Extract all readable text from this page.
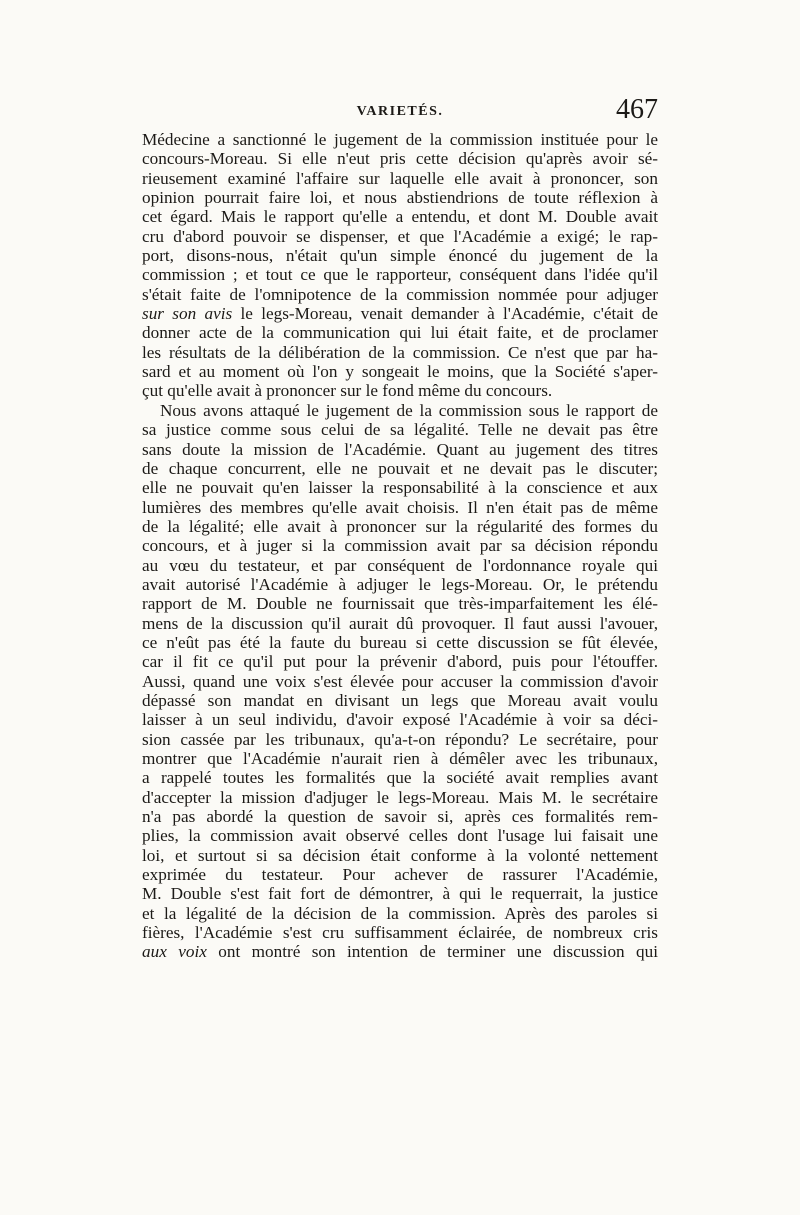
VARIETÉS.	467
Médecine a sanctionné le jugement de la commission instituée pour le
concours-Moreau. Si elle n'eut pris cette décision qu'après avoir sé-
rieusement examiné l'affaire sur laquelle elle avait à prononcer, son
opinion pourrait faire loi, et nous abstiendrions de toute réflexion à
cet égard. Mais le rapport qu'elle a entendu, et dont M. Double avait
cru d'abord pouvoir se dispenser, et que l'Académie a exigé; le rap-
port, disons-nous, n'était qu'un simple énoncé du jugement de la
commission ; et tout ce que le rapporteur, conséquent dans l'idée qu'il
s'était faite de l'omnipotence de la commission nommée pour adjuger
sur son avis le legs-Moreau, venait demander à l'Académie, c'était de
donner acte de la communication qui lui était faite, et de proclamer
les résultats de la délibération de la commission. Ce n'est que par ha-
sard et au moment où l'on y songeait le moins, que la Société s'aper-
çut qu'elle avait à prononcer sur le fond même du concours.
Nous avons attaqué le jugement de la commission sous le rapport de
sa justice comme sous celui de sa légalité. Telle ne devait pas être
sans doute la mission de l'Académie. Quant au jugement des titres
de chaque concurrent, elle ne pouvait et ne devait pas le discuter;
elle ne pouvait qu'en laisser la responsabilité à la conscience et aux
lumières des membres qu'elle avait choisis. Il n'en était pas de même
de la légalité; elle avait à prononcer sur la régularité des formes du
concours, et à juger si la commission avait par sa décision répondu
au vœu du testateur, et par conséquent de l'ordonnance royale qui
avait autorisé l'Académie à adjuger le legs-Moreau. Or, le prétendu
rapport de M. Double ne fournissait que très-imparfaitement les élé-
mens de la discussion qu'il aurait dû provoquer. Il faut aussi l'avouer,
ce n'eût pas été la faute du bureau si cette discussion se fût élevée,
car il fit ce qu'il put pour la prévenir d'abord, puis pour l'étouffer.
Aussi, quand une voix s'est élevée pour accuser la commission d'avoir
dépassé son mandat en divisant un legs que Moreau avait voulu
laisser à un seul individu, d'avoir exposé l'Académie à voir sa déci-
sion cassée par les tribunaux, qu'a-t-on répondu? Le secrétaire, pour
montrer que l'Académie n'aurait rien à démêler avec les tribunaux,
a rappelé toutes les formalités que la société avait remplies avant
d'accepter la mission d'adjuger le legs-Moreau. Mais M. le secrétaire
n'a pas abordé la question de savoir si, après ces formalités rem-
plies, la commission avait observé celles dont l'usage lui faisait une
loi, et surtout si sa décision était conforme à la volonté nettement
exprimée du testateur. Pour achever de rassurer l'Académie,
M. Double s'est fait fort de démontrer, à qui le requerrait, la justice
et la légalité de la décision de la commission. Après des paroles si
fières, l'Académie s'est cru suffisamment éclairée, de nombreux cris
aux voix ont montré son intention de terminer une discussion qui
